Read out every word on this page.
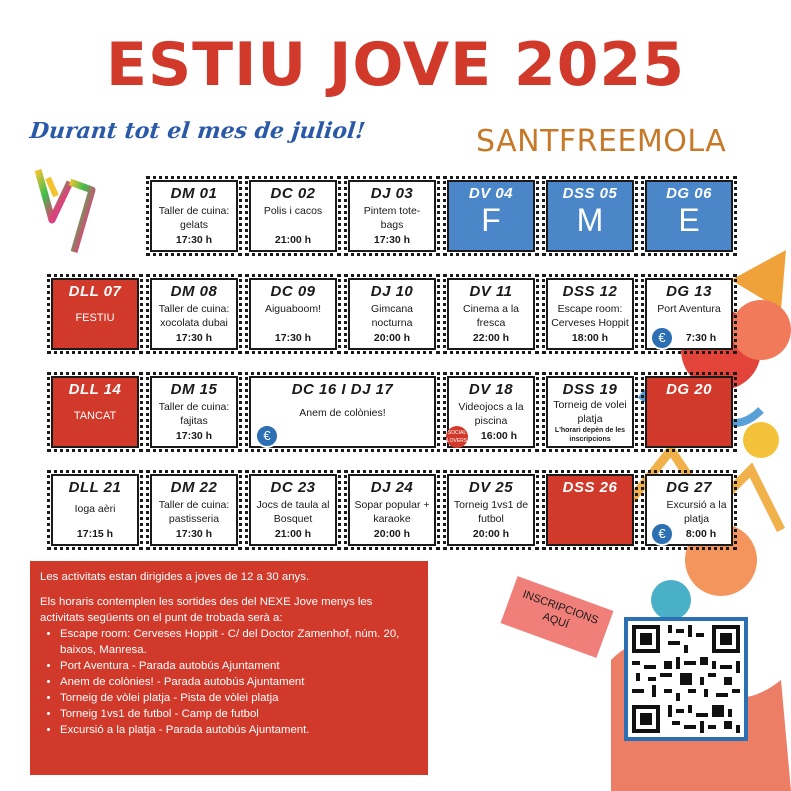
ESTIU JOVE 2025
Durant tot el mes de juliol!	SANTFREEMOLA
DM 01
Taller de cuina: gelats
17:30 h
DC 02
Polis i cacos
21:00 h
DJ 03
Pintem tote-bags
17:30 h
DV 04
F
DSS 05
M
DG 06
E
DLL 07
FESTIU
DM 08
Taller de cuina: xocolata dubai
17:30 h
DC 09
Aiguaboom!
17:30 h
DJ 10
Gimcana nocturna
20:00 h
DV 11
Cinema a la fresca
22:00 h
DSS 12
Escape room: Cerveses Hoppit
18:00 h
DG 13
Port Aventura
7:30 h
€
DLL 14
TANCAT
DM 15
Taller de cuina: fajitas
17:30 h
DC 16 I DJ 17
Anem de colònies!
€
DV 18
Videojocs a la piscina
16:00 h
SOCIAL LOVERS
DSS 19
Torneig de volei platja
L'horari depèn de les inscripcions
DG 20
DLL 21
Ioga aèri
17:15 h
DM 22
Taller de cuina: pastisseria
17:30 h
DC 23
Jocs de taula al Bosquet
21:00 h
DJ 24
Sopar popular + karaoke
20:00 h
DV 25
Torneig 1vs1 de futbol
20:00 h
DSS 26	DG 27
Excursió a la platja
8:00 h
€

Les activitats estan dirigides a joves de 12 a 30 anys.

Els horaris contemplen les sortides des del NEXE Jove menys les activitats següents on el punt de trobada serà a:

• Escape room: Cerveses Hoppit - C/ del Doctor Zamenhof, núm. 20, baixos, Manresa.
• Port Aventura - Parada autobús Ajuntament
• Anem de colònies! - Parada autobús Ajuntament
• Torneig de vòlei platja - Pista de vòlei platja
• Torneig 1vs1 de futbol - Camp de futbol
• Excursió a la platja - Parada autobús Ajuntament.
INSCRIPCIONS AQUÍ
